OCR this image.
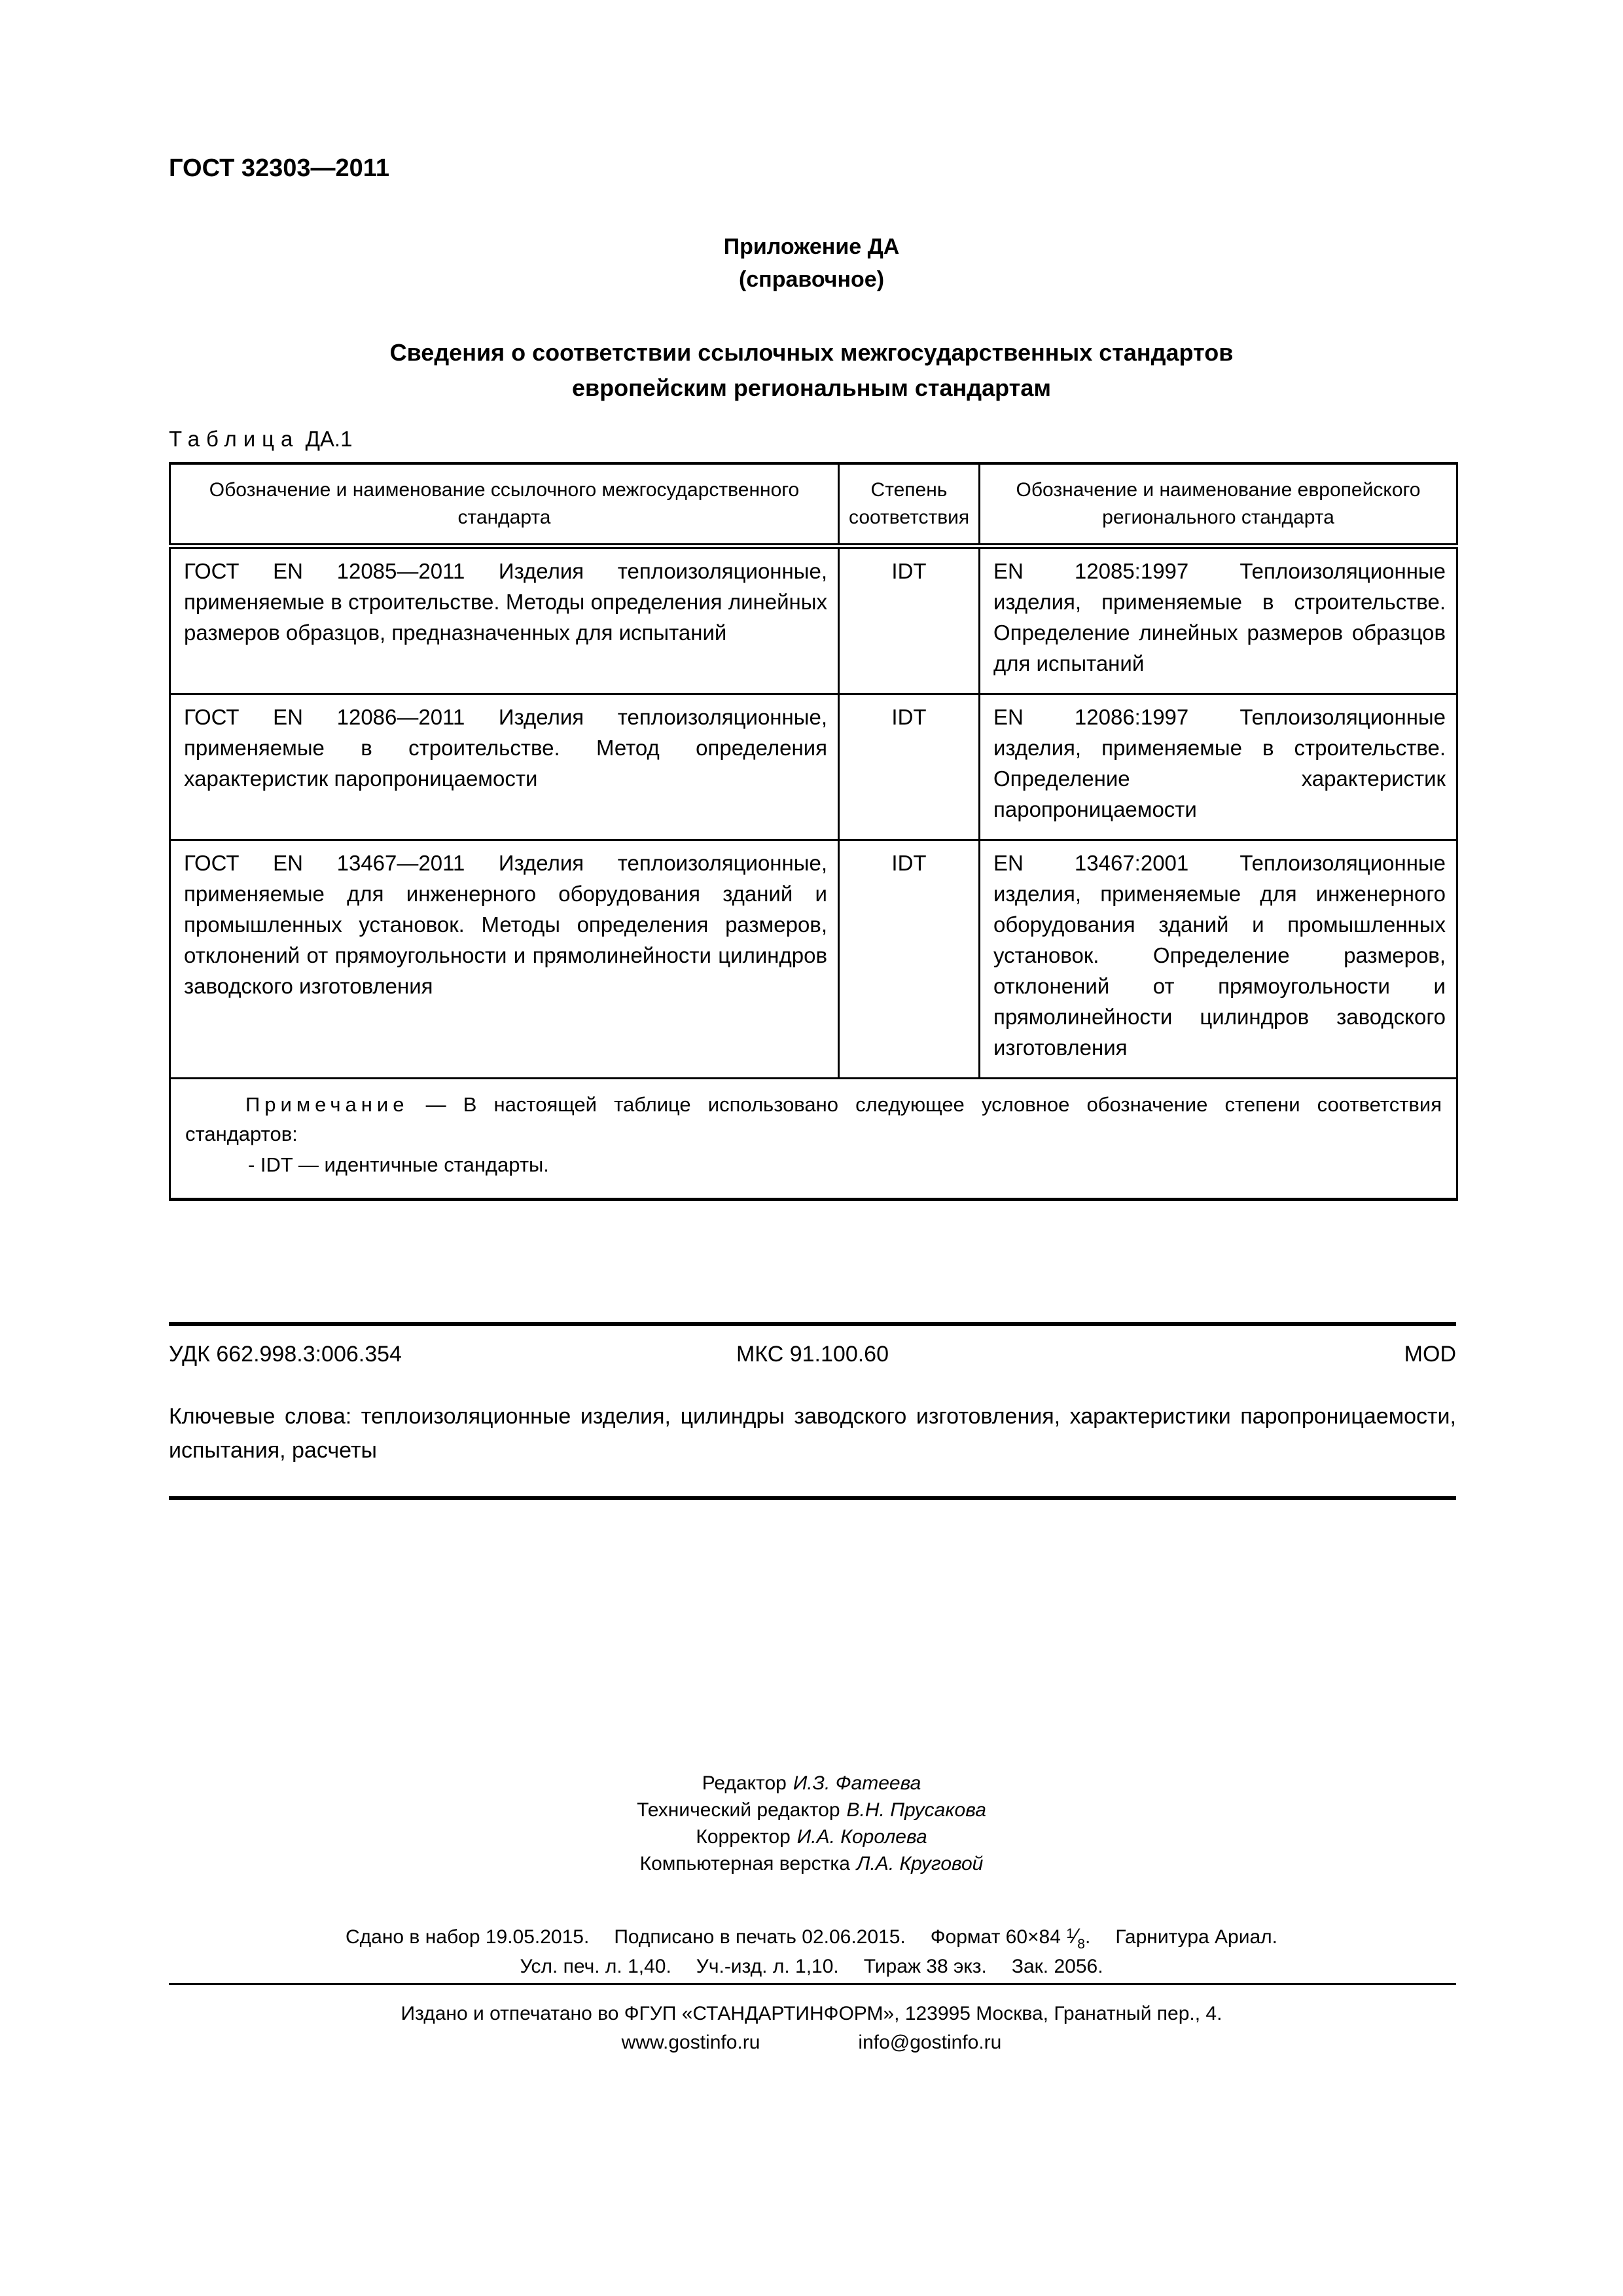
ГОСТ 32303—2011
Приложение ДА
(справочное)
Сведения о соответствии ссылочных межгосударственных стандартов
европейским региональным стандартам
Таблица ДА.1
Обозначение и наименование ссылочного межгосударственного стандарта	Степень соответствия	Обозначение и наименование европейского регионального стандарта
ГОСТ EN 12085—2011 Изделия теплоизоляционные, применяемые в строительстве. Методы определения линейных размеров образцов, предназначенных для испытаний	IDT	EN 12085:1997 Теплоизоляционные изделия, применяемые в строительстве. Определение линейных размеров образцов для испытаний
ГОСТ EN 12086—2011 Изделия теплоизоляционные, применяемые в строительстве. Метод определения характеристик паропроницаемости	IDT	EN 12086:1997 Теплоизоляционные изделия, применяемые в строительстве. Определение характеристик паропроницаемости
ГОСТ EN 13467—2011 Изделия теплоизоляционные, применяемые для инженерного оборудования зданий и промышленных установок. Методы определения размеров, отклонений от прямоугольности и прямолинейности цилиндров заводского изготовления	IDT	EN 13467:2001 Теплоизоляционные изделия, применяемые для инженерного оборудования зданий и промышленных установок. Определение размеров, отклонений от прямоугольности и прямолинейности цилиндров заводского изготовления

Примечание — В настоящей таблице использовано следующее условное обозначение степени соответствия стандартов:
- IDT — идентичные стандарты.		
УДК 662.998.3:006.354	МКС 91.100.60	MOD
Ключевые слова: теплоизоляционные изделия, цилиндры заводского изготовления, характеристики паропроницаемости, испытания, расчеты
Редактор И.З. Фатеева
Технический редактор В.Н. Прусакова
Корректор И.А. Королева
Компьютерная верстка Л.А. Круговой
Сдано в набор 19.05.2015. Подписано в печать 02.06.2015. Формат 60×84 $^1⁄_8$. Гарнитура Ариал.
Усл. печ. л. 1,40. Уч.-изд. л. 1,10. Тираж 38 экз. Зак. 2056.
Издано и отпечатано во ФГУП «СТАНДАРТИНФОРМ», 123995 Москва, Гранатный пер., 4.
www.gostinfo.ru	info@gostinfo.ru
